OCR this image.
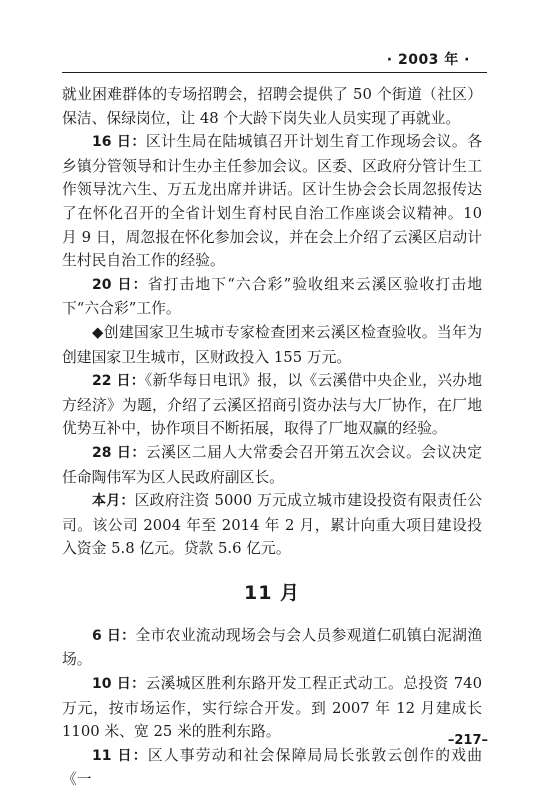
· 2003 年 ·

就业困难群体的专场招聘会，招聘会提供了 50 个街道（社区）保洁、保绿岗位，让 48 个大龄下岗失业人员实现了再就业。

16 日：区计生局在陆城镇召开计划生育工作现场会议。各乡镇分管领导和计生办主任参加会议。区委、区政府分管计生工作领导沈六生、万五龙出席并讲话。区计生协会会长周忽报传达了在怀化召开的全省计划生育村民自治工作座谈会议精神。10 月 9 日，周忽报在怀化参加会议，并在会上介绍了云溪区启动计生村民自治工作的经验。

20 日：省打击地下“六合彩”验收组来云溪区验收打击地下“六合彩”工作。

◆创建国家卫生城市专家检查团来云溪区检查验收。当年为创建国家卫生城市，区财政投入 155 万元。

22 日：《新华每日电讯》报，以《云溪借中央企业，兴办地方经济》为题，介绍了云溪区招商引资办法与大厂协作，在厂地优势互补中，协作项目不断拓展，取得了厂地双赢的经验。

28 日：云溪区二届人大常委会召开第五次会议。会议决定任命陶伟军为区人民政府副区长。

本月：区政府注资 5000 万元成立城市建设投资有限责任公司。该公司 2004 年至 2014 年 2 月，累计向重大项目建设投入资金 5.8 亿元。贷款 5.6 亿元。

11 月

6 日：全市农业流动现场会与会人员参观道仁矶镇白泥湖渔场。

10 日：云溪城区胜利东路开发工程正式动工。总投资 740 万元，按市场运作，实行综合开发。到 2007 年 12 月建成长 1100 米、宽 25 米的胜利东路。

11 日：区人事劳动和社会保障局局长张敦云创作的戏曲《一

–217–
